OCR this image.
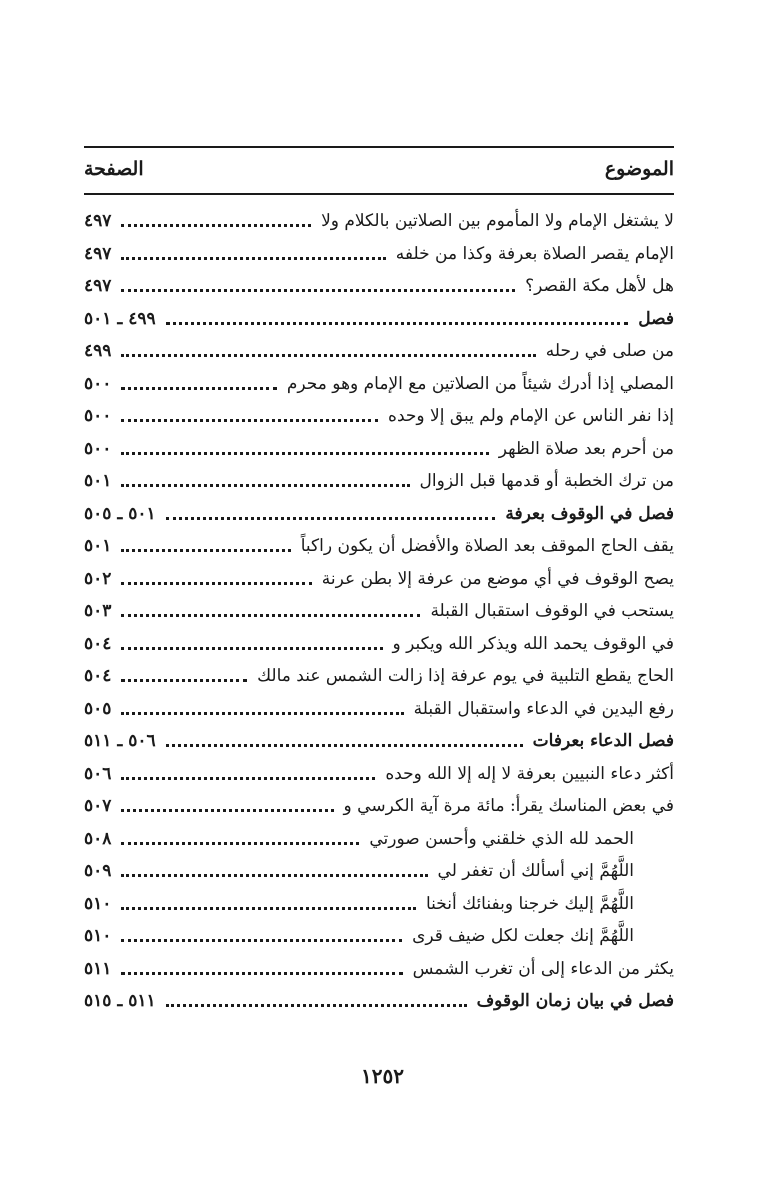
الموضوع
الصفحة
لا يشتغل الإمام ولا المأموم بين الصلاتين بالكلام ولا
٤٩٧
الإمام يقصر الصلاة بعرفة وكذا من خلفه
٤٩٧
هل لأهل مكة القصر؟
٤٩٧
فصل
٤٩٩ ـ ٥٠١
من صلى في رحله
٤٩٩
المصلي إذا أدرك شيئاً من الصلاتين مع الإمام وهو محرم
٥٠٠
إذا نفر الناس عن الإمام ولم يبق إلا وحده
٥٠٠
من أحرم بعد صلاة الظهر
٥٠٠
من ترك الخطبة أو قدمها قبل الزوال
٥٠١
فصل في الوقوف بعرفة
٥٠١ ـ ٥٠٥
يقف الحاج الموقف بعد الصلاة والأفضل أن يكون راكباً
٥٠١
يصح الوقوف في أي موضع من عرفة إلا بطن عرنة
٥٠٢
يستحب في الوقوف استقبال القبلة
٥٠٣
في الوقوف يحمد الله ويذكر الله ويكبر و
٥٠٤
الحاج يقطع التلبية في يوم عرفة إذا زالت الشمس عند مالك
٥٠٤
رفع اليدين في الدعاء واستقبال القبلة
٥٠٥
فصل الدعاء بعرفات
٥٠٦ ـ ٥١١
أكثر دعاء النبيين بعرفة لا إله إلا الله وحده
٥٠٦
في بعض المناسك يقرأ: مائة مرة آية الكرسي و
٥٠٧
الحمد لله الذي خلقني وأحسن صورتي
٥٠٨
اللَّهُمَّ إني أسألك أن تغفر لي
٥٠٩
اللَّهُمَّ إليك خرجنا وبفنائك أنخنا
٥١٠
اللَّهُمَّ إنك جعلت لكل ضيف قرى
٥١٠
يكثر من الدعاء إلى أن تغرب الشمس
٥١١
فصل في بيان زمان الوقوف
٥١١ ـ ٥١٥
١٢٥٢
